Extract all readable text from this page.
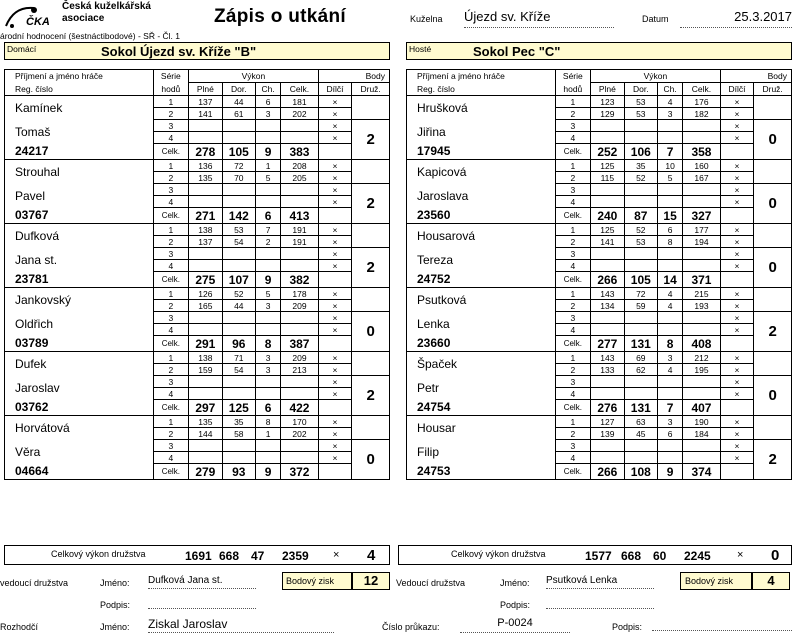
ČKA
Česká kuželkářská
asociace	Zápis o utkání
árodní hodnocení (šestnáctibodové) - SŘ - Čl. 1
Kuželna Újezd sv. Kříže	Datum	25.3.2017
Domácí	Sokol Újezd sv. Kříže "B"	Hosté	Sokol Pec "C"
Příjmení a jméno hráče	Série	Výkon				Body	
Reg. číslo	hodů	Plné	Dor.	Ch.	Celk.	Dílčí	Druž.
Kamínek	1	137	44	6	181	×	
	2	141	61	3	202	×	
Tomaš	3					×	2
	4					×	
24217	Celk.	278	105	9	383		
Strouhal	1	136	72	1	208	×	
	2	135	70	5	205	×	
Pavel	3					×	2
	4					×	
03767	Celk.	271	142	6	413		
Dufková	1	138	53	7	191	×	
	2	137	54	2	191	×	
Jana st.	3					×	2
	4					×	
23781	Celk.	275	107	9	382		
Jankovský	1	126	52	5	178	×	
	2	165	44	3	209	×	
Oldřich	3					×	0
	4					×	
03789	Celk.	291	96	8	387		
Dufek	1	138	71	3	209	×	
	2	159	54	3	213	×	
Jaroslav	3					×	2
	4					×	
03762	Celk.	297	125	6	422		
Horvátová	1	135	35	8	170	×	
	2	144	58	1	202	×	
Věra	3					×	0
	4					×	
04664	Celk.	279	93	9	372		
Příjmení a jméno hráče	Série	Výkon				Body	
Reg. číslo	hodů	Plné	Dor.	Ch.	Celk.	Dílčí	Druž.
Hrušková	1	123	53	4	176	×	
	2	129	53	3	182	×	
Jiřina	3					×	0
	4					×	
17945	Celk.	252	106	7	358		
Kapicová	1	125	35	10	160	×	
	2	115	52	5	167	×	
Jaroslava	3					×	0
	4					×	
23560	Celk.	240	87	15	327		
Housarová	1	125	52	6	177	×	
	2	141	53	8	194	×	
Tereza	3					×	0
	4					×	
24752	Celk.	266	105	14	371		
Psutková	1	143	72	4	215	×	
	2	134	59	4	193	×	
Lenka	3					×	2
	4					×	
23660	Celk.	277	131	8	408		
Špaček	1	143	69	3	212	×	
	2	133	62	4	195	×	
Petr	3					×	0
	4					×	
24754	Celk.	276	131	7	407		
Housar	1	127	63	3	190	×	
	2	139	45	6	184	×	
Filip	3					×	2
	4					×	
24753	Celk.	266	108	9	374		
Celkový výkon družstva	1691 668 47 2359 × 4	Celkový výkon družstva	1577 668 60 2245 × 0
vedoucí družstva	Jméno: Dufková Jana st.	Bodový zisk	12
Podpis:
Vedoucí družstva	Jméno: Psutková Lenka	Bodový zisk	4
Podpis:
Rozhodčí	Jméno: Ziskal Jaroslav	Číslo průkazu:	P-0024	Podpis:
